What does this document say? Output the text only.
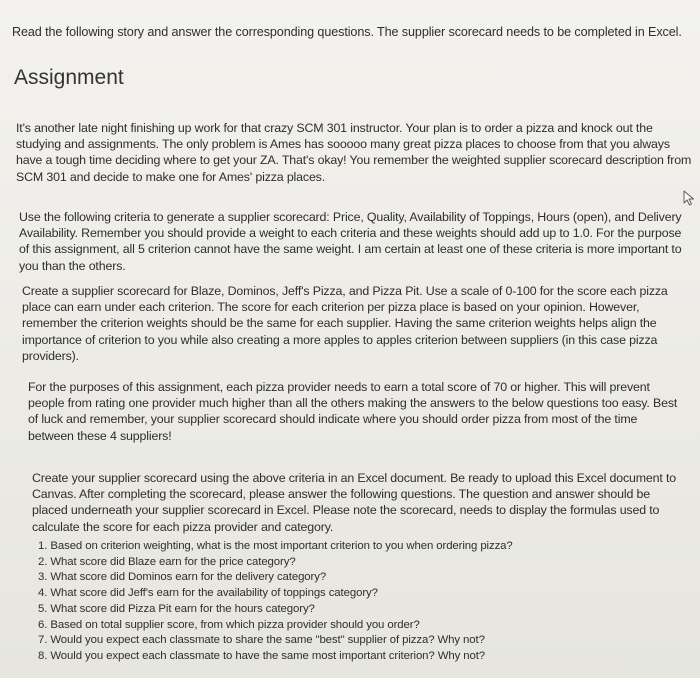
Read the following story and answer the corresponding questions. The supplier scorecard needs to be completed in Excel.
Assignment

It's another late night finishing up work for that crazy SCM 301 instructor. Your plan is to order a pizza and knock out the studying and assignments. The only problem is Ames has sooooo many great pizza places to choose from that you always have a tough time deciding where to get your ZA. That's okay! You remember the weighted supplier scorecard description from SCM 301 and decide to make one for Ames' pizza places.

Use the following criteria to generate a supplier scorecard: Price, Quality, Availability of Toppings, Hours (open), and Delivery Availability. Remember you should provide a weight to each criteria and these weights should add up to 1.0. For the purpose of this assignment, all 5 criterion cannot have the same weight. I am certain at least one of these criteria is more important to you than the others.

Create a supplier scorecard for Blaze, Dominos, Jeff's Pizza, and Pizza Pit. Use a scale of 0-100 for the score each pizza place can earn under each criterion. The score for each criterion per pizza place is based on your opinion. However, remember the criterion weights should be the same for each supplier. Having the same criterion weights helps align the importance of criterion to you while also creating a more apples to apples criterion between suppliers (in this case pizza providers).

For the purposes of this assignment, each pizza provider needs to earn a total score of 70 or higher. This will prevent people from rating one provider much higher than all the others making the answers to the below questions too easy. Best of luck and remember, your supplier scorecard should indicate where you should order pizza from most of the time between these 4 suppliers!

Create your supplier scorecard using the above criteria in an Excel document. Be ready to upload this Excel document to Canvas. After completing the scorecard, please answer the following questions. The question and answer should be placed underneath your supplier scorecard in Excel. Please note the scorecard, needs to display the formulas used to calculate the score for each pizza provider and category.

1. Based on criterion weighting, what is the most important criterion to you when ordering pizza?
2. What score did Blaze earn for the price category?
3. What score did Dominos earn for the delivery category?
4. What score did Jeff's earn for the availability of toppings category?
5. What score did Pizza Pit earn for the hours category?
6. Based on total supplier score, from which pizza provider should you order?
7. Would you expect each classmate to share the same "best" supplier of pizza? Why not?
8. Would you expect each classmate to have the same most important criterion? Why not?
